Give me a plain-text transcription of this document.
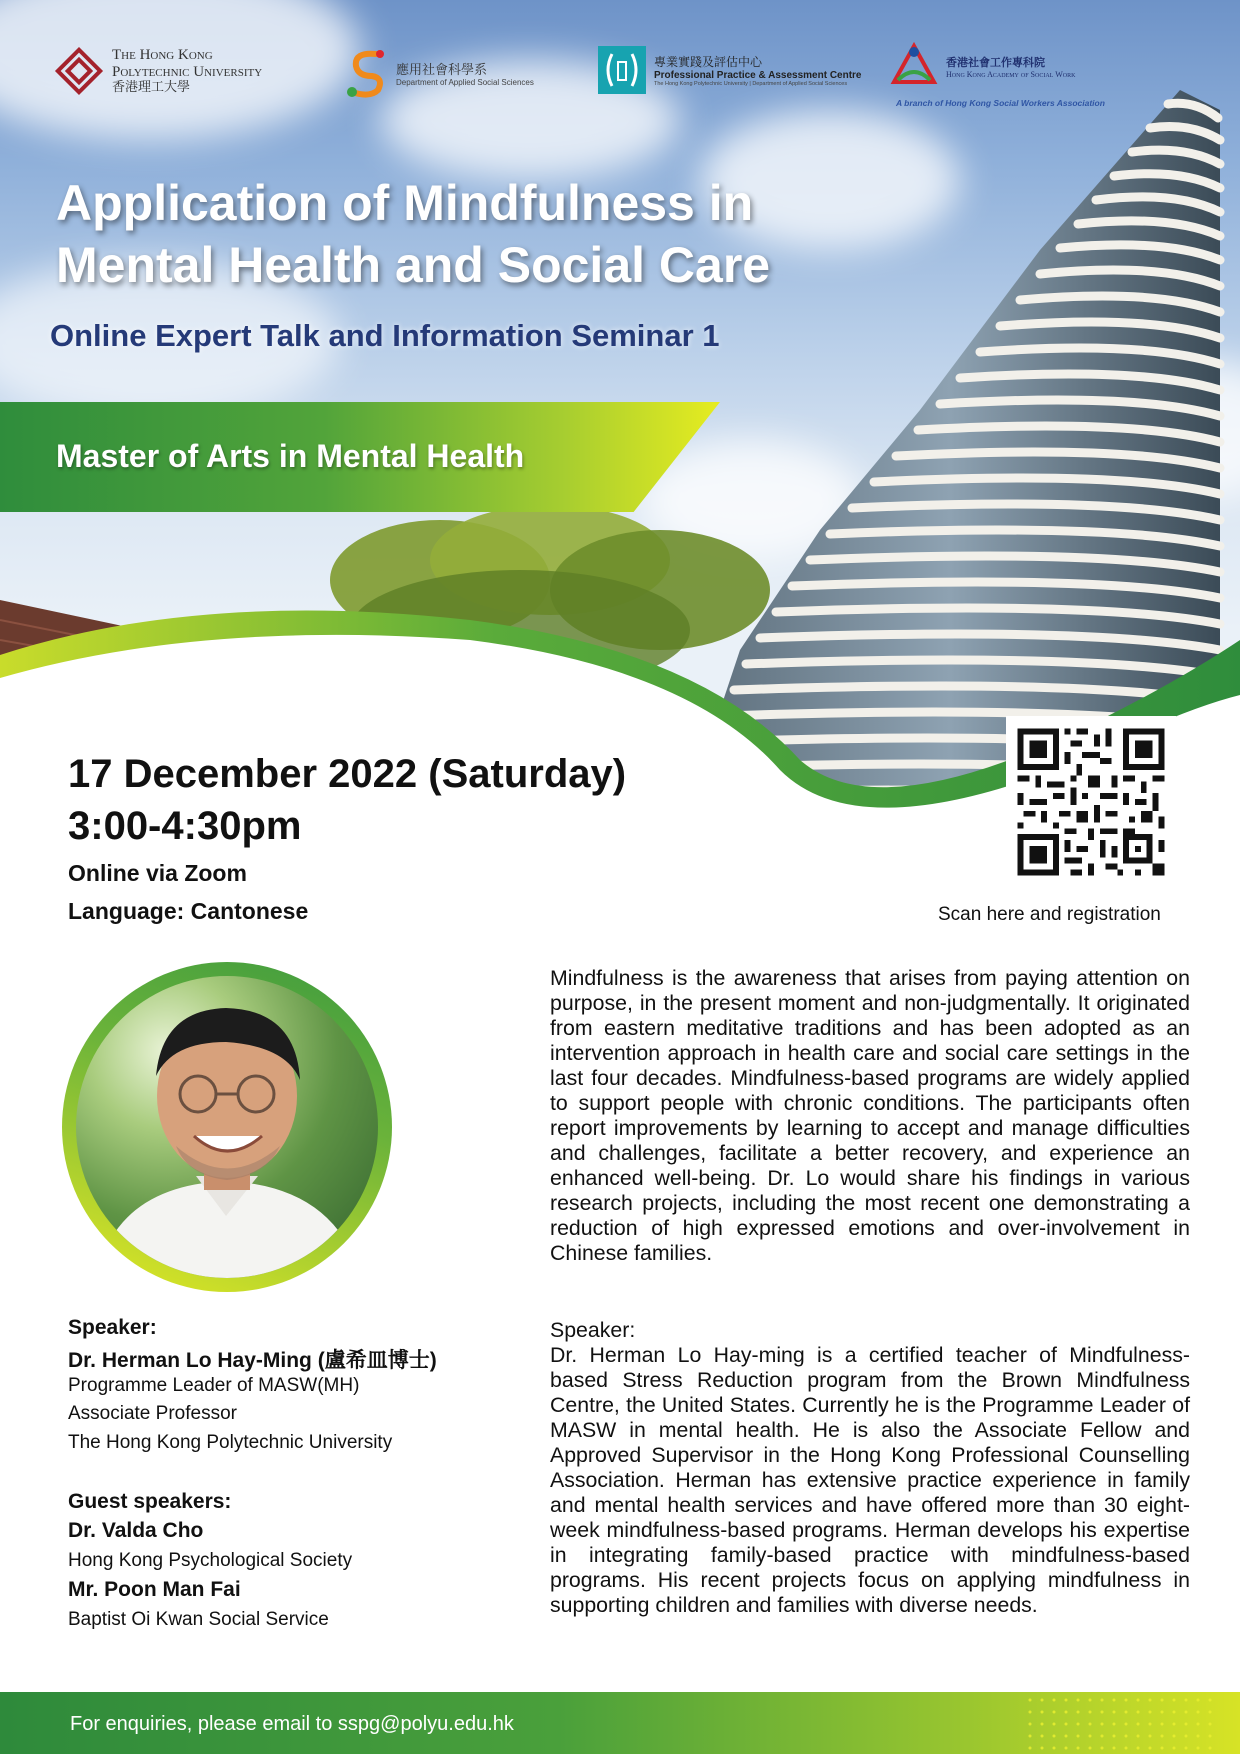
The Hong Kong
Polytechnic University
香港理工大學
應用社會科學系
Department of Applied Social Sciences
專業實踐及評估中心
Professional Practice & Assessment Centre
The Hong Kong Polytechnic University | Department of Applied Social Sciences
香港社會工作專科院
Hong Kong Academy of Social Work
A branch of Hong Kong Social Workers Association
Application of Mindfulness in
Mental Health and Social Care
Online Expert Talk and Information Seminar 1
Master of Arts in Mental Health
17 December 2022 (Saturday)
3:00-4:30pm
Online via Zoom
Language: Cantonese	Scan here and registration
Speaker:
Dr. Herman Lo Hay-Ming (盧希皿博士)
Programme Leader of MASW(MH)
Associate Professor
The Hong Kong Polytechnic University
Guest speakers:
Dr. Valda Cho
Hong Kong Psychological Society
Mr. Poon Man Fai
Baptist Oi Kwan Social Service
Mindfulness is the awareness that arises from paying attention on purpose, in the present moment and non-judgmentally. It originated from eastern meditative traditions and has been adopted as an intervention approach in health care and social care settings in the last four decades. Mindfulness-based programs are widely applied to support people with chronic conditions. The participants often report improvements by learning to accept and manage difficulties and challenges, facilitate a better recovery, and experience an enhanced well-being. Dr. Lo would share his findings in various research projects, including the most recent one demonstrating a reduction of high expressed emotions and over-involvement in Chinese families.
Speaker:
Dr. Herman Lo Hay-ming is a certified teacher of Mindfulness-based Stress Reduction program from the Brown Mindfulness Centre, the United States. Currently he is the Programme Leader of MASW in mental health. He is also the Associate Fellow and Approved Supervisor in the Hong Kong Professional Counselling Association. Herman has extensive practice experience in family and mental health services and have offered more than 30 eight-week mindfulness-based programs. Herman develops his expertise in integrating family-based practice with mindfulness-based programs. His recent projects focus on applying mindfulness in supporting children and families with diverse needs.
For enquiries, please email to sspg@polyu.edu.hk
